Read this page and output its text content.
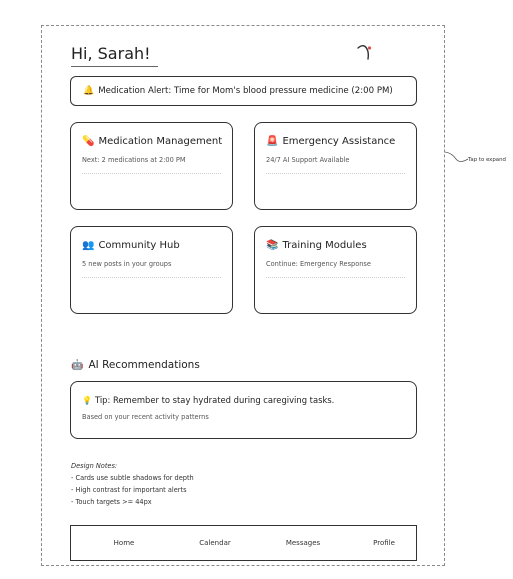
Hi, Sarah!
🔔 Medication Alert: Time for Mom's blood pressure medicine (2:00 PM)
💊 Medication Management
Next: 2 medications at 2:00 PM
🚨 Emergency Assistance
24/7 AI Support Available
👥 Community Hub
5 new posts in your groups
📚 Training Modules
Continue: Emergency Response
🤖 AI Recommendations
💡 Tip: Remember to stay hydrated during caregiving tasks.
Based on your recent activity patterns
Design Notes:
- Cards use subtle shadows for depth
- High contrast for important alerts
- Touch targets >= 44px
Home	Calendar	Messages	Profile
Tap to expand
